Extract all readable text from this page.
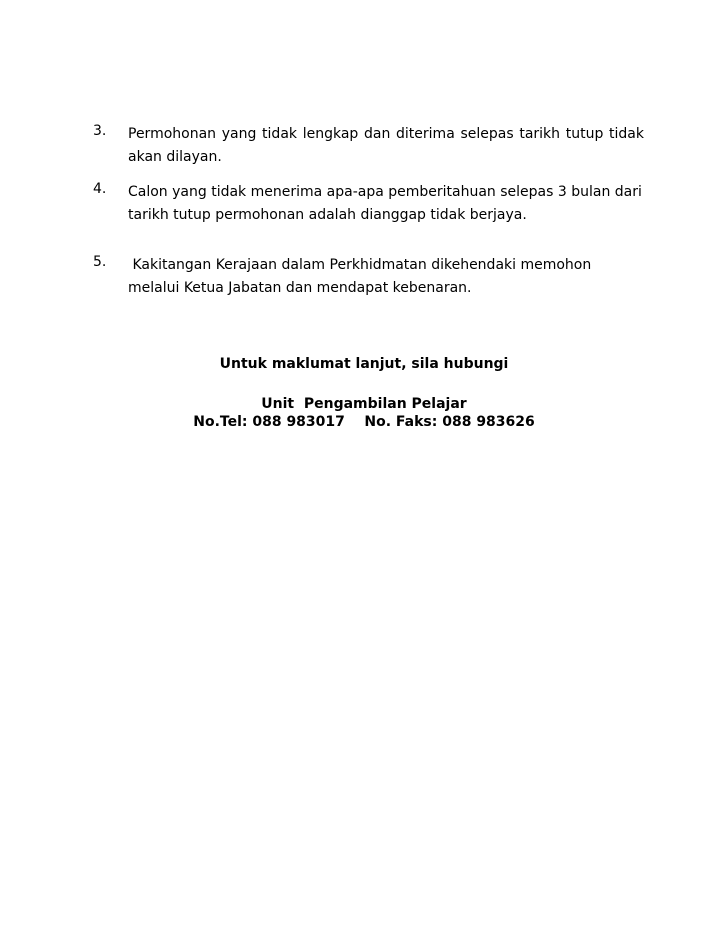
3.	Permohonan yang tidak lengkap dan diterima selepas tarikh tutup tidak akan dilayan.
4.	Calon yang tidak menerima apa-apa pemberitahuan selepas 3 bulan dari tarikh tutup permohonan adalah dianggap tidak berjaya.
5.	Kakitangan Kerajaan dalam Perkhidmatan dikehendaki memohon melalui Ketua Jabatan dan mendapat kebenaran.
Untuk maklumat lanjut, sila hubungi
Unit  Pengambilan Pelajar
No.Tel: 088 983017    No. Faks: 088 983626
